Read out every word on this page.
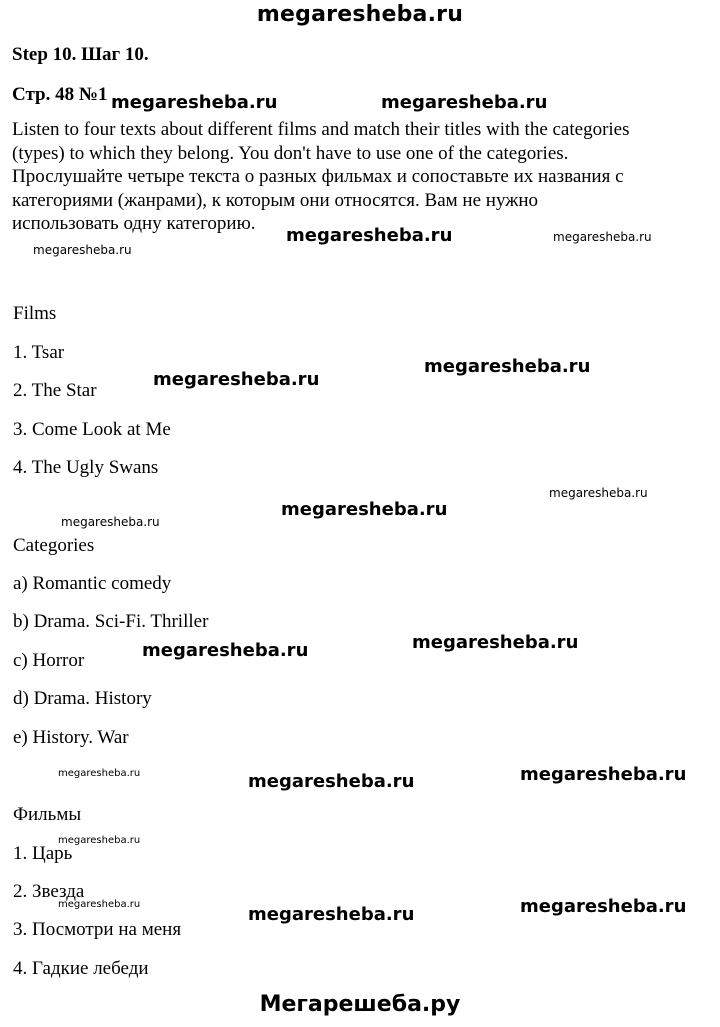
megaresheba.ru
Step 10. Шаг 10.
Стр. 48 №1
Listen to four texts about different films and match their titles with the categories
(types) to which they belong. You don't have to use one of the categories.
Прослушайте четыре текста о разных фильмах и сопоставьте их названия с
категориями (жанрами), к которым они относятся. Вам не нужно
использовать одну категорию.
Films
1. Tsar
2. The Star
3. Come Look at Me
4. The Ugly Swans
Categories
a) Romantic comedy
b) Drama. Sci-Fi. Thriller
c) Horror
d) Drama. History
e) History. War
Фильмы
1. Царь
2. Звезда
3. Посмотри на меня
4. Гадкие лебеди
megaresheba.ru	megaresheba.ru
megaresheba.ru
megaresheba.ru
megaresheba.ru
megaresheba.ru
megaresheba.ru
megaresheba.ru
megaresheba.ru	megaresheba.ru
megaresheba.ru	megaresheba.ru
megaresheba.ru
megaresheba.ru
megaresheba.ru
megaresheba.ru
megaresheba.ru
megaresheba.ru
megaresheba.ru
Мегарешеба.ру
